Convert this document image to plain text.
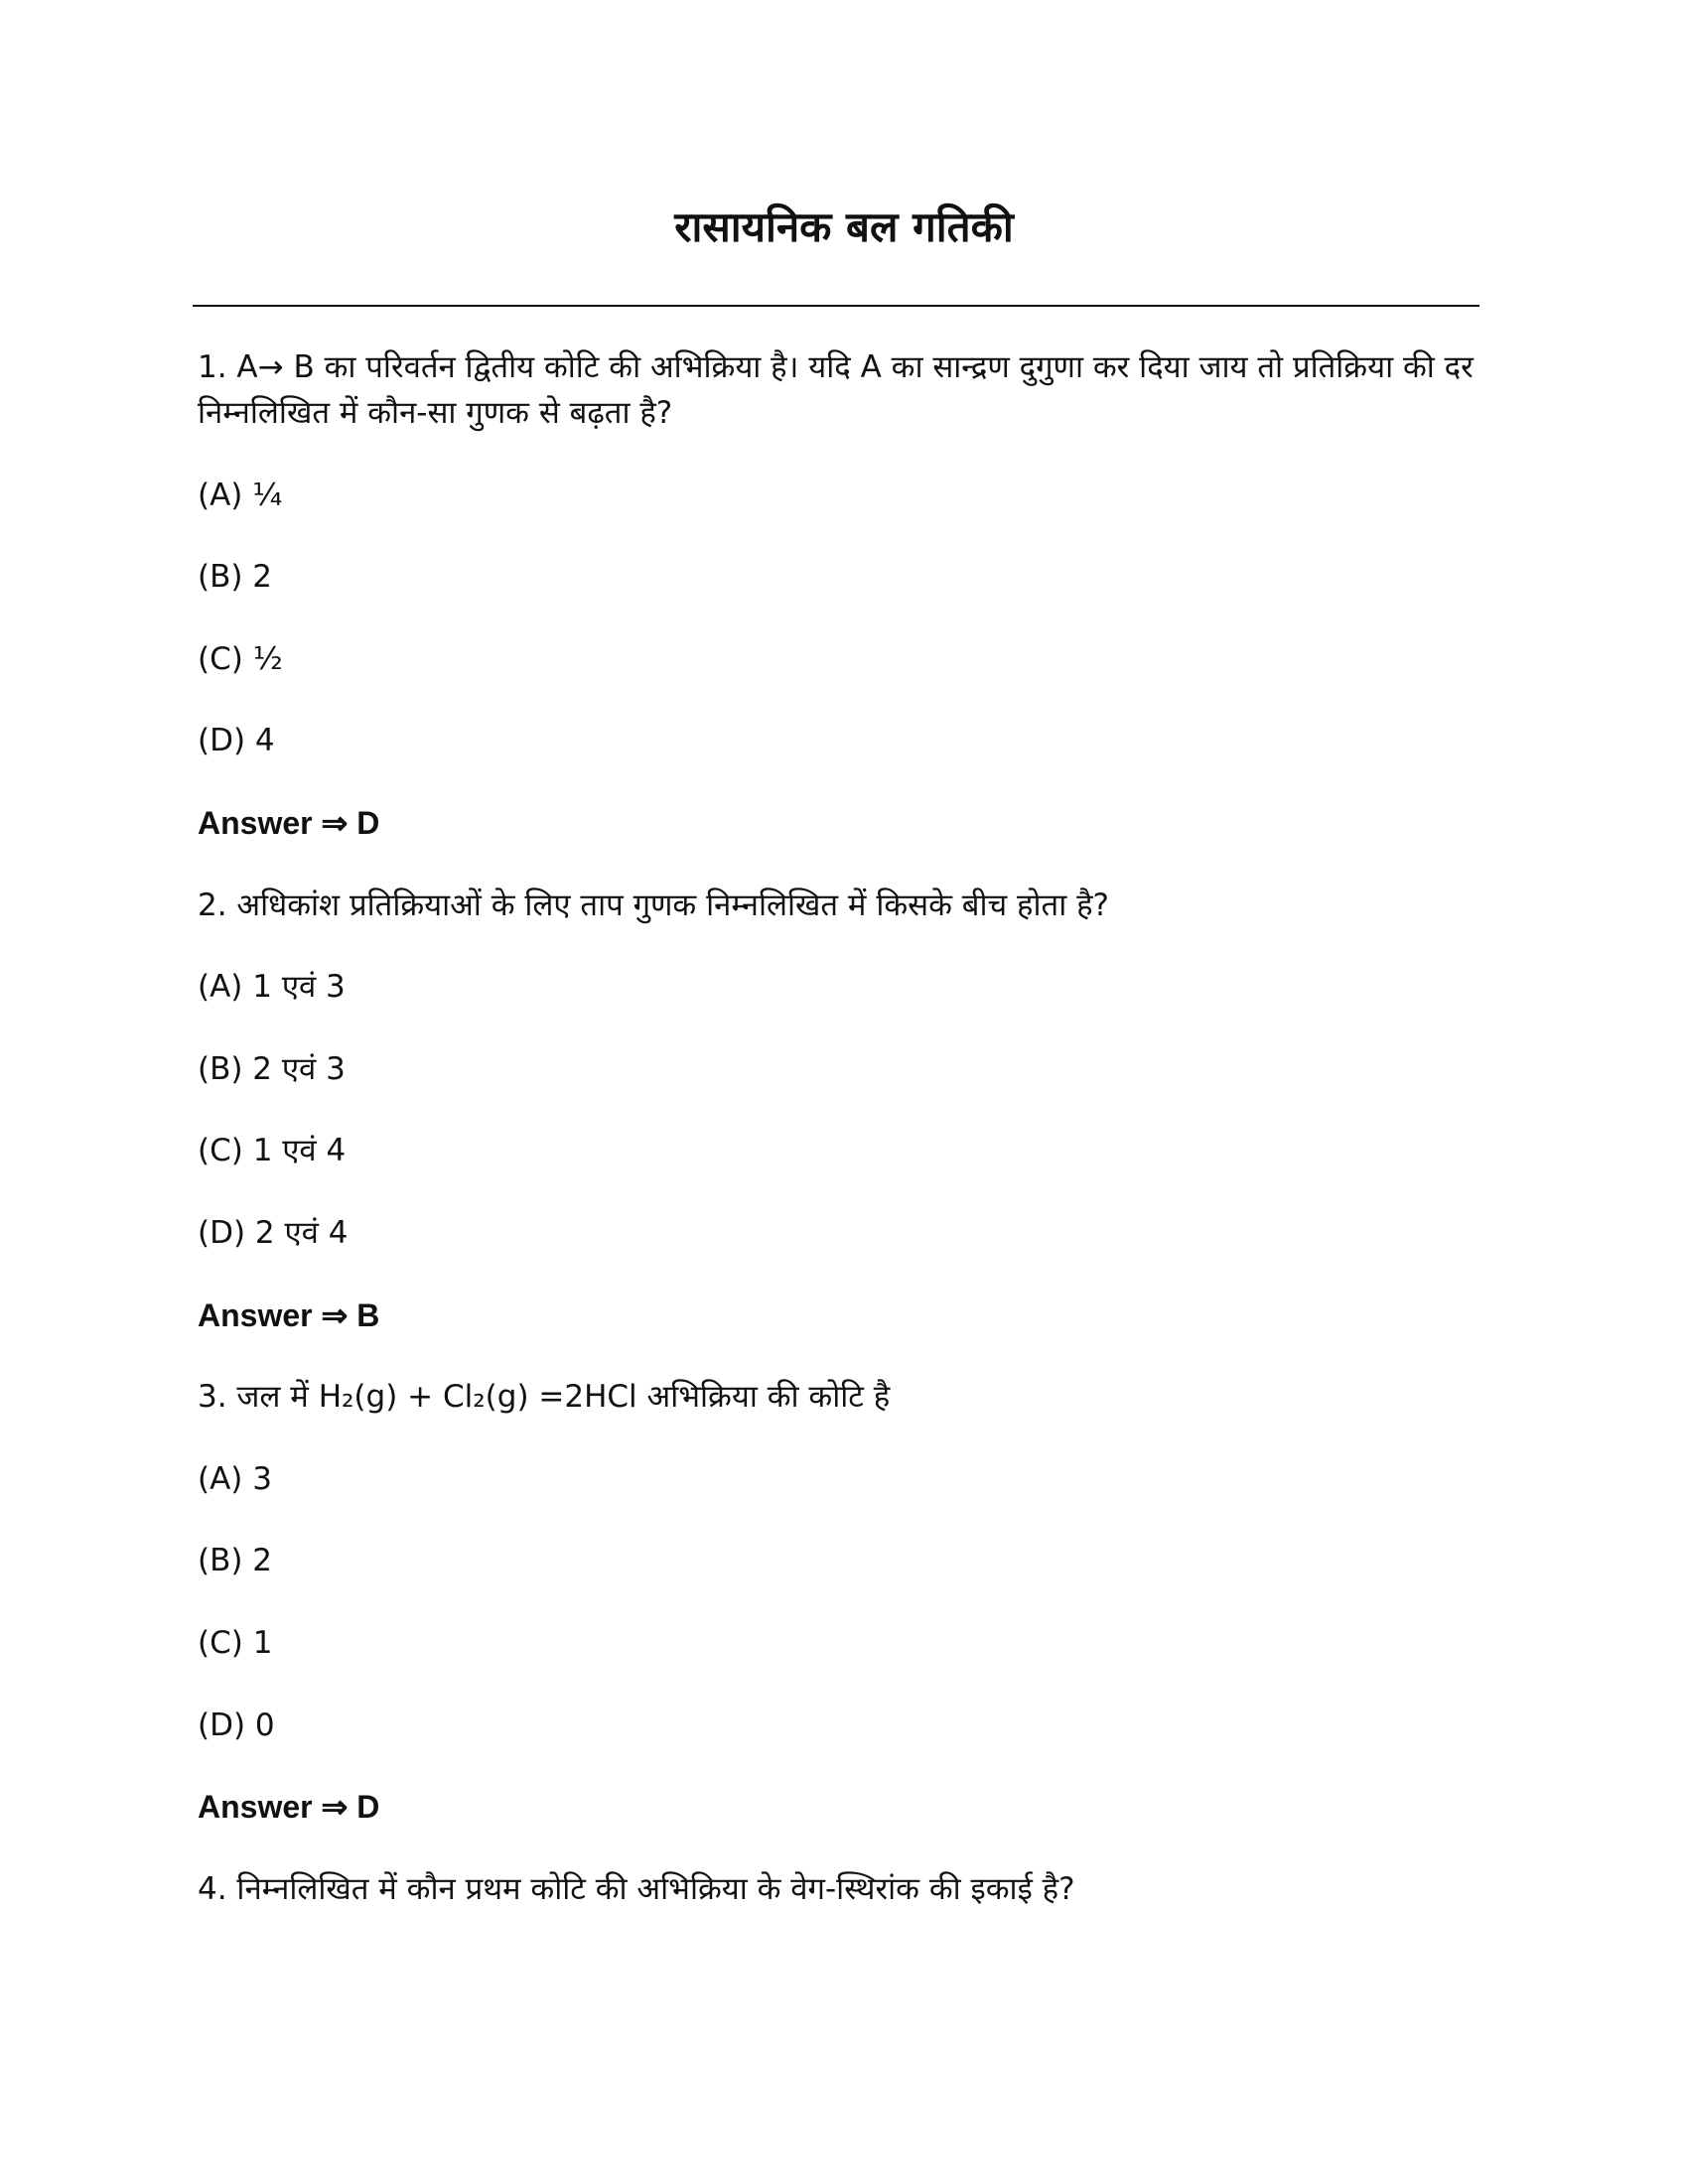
रासायनिक बल गतिकी
1. A→ B का परिवर्तन द्वितीय कोटि की अभिक्रिया है। यदि A का सान्द्रण दुगुणा कर दिया जाय तो प्रतिक्रिया की दर निम्नलिखित में कौन-सा गुणक से बढ़ता है?
(A) ¼
(B) 2
(C) ½
(D) 4
Answer ⇒ D
2. अधिकांश प्रतिक्रियाओं के लिए ताप गुणक निम्नलिखित में किसके बीच होता है?
(A) 1 एवं 3
(B) 2 एवं 3
(C) 1 एवं 4
(D) 2 एवं 4
Answer ⇒ B
3. जल में H₂(g) + Cl₂(g) =2HCl अभिक्रिया की कोटि है
(A) 3
(B) 2
(C) 1
(D) 0
Answer ⇒ D
4. निम्नलिखित में कौन प्रथम कोटि की अभिक्रिया के वेग-स्थिरांक की इकाई है?
